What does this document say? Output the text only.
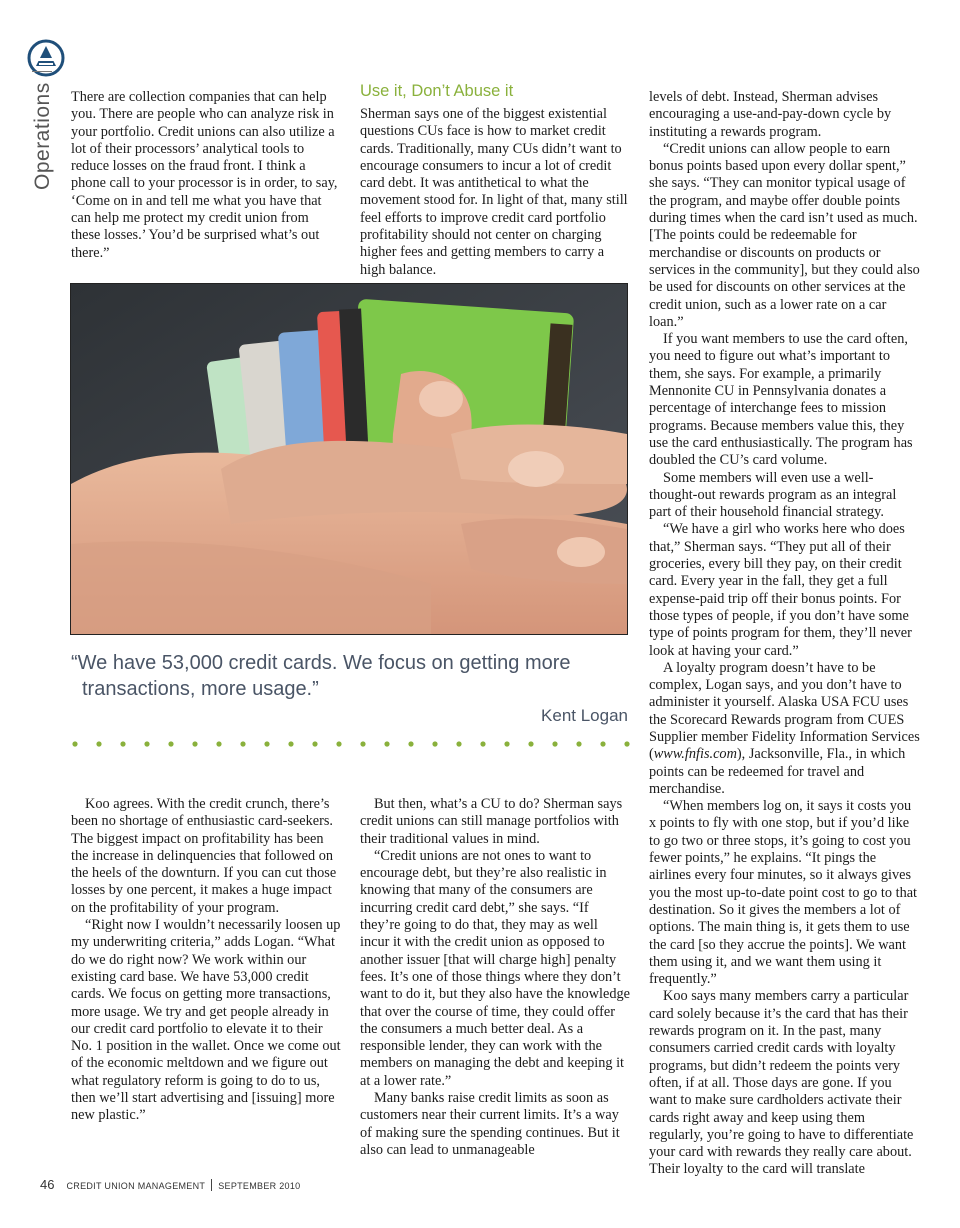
Operations There are collection companies that can help you. There are people who can analyze risk in your portfolio. Credit unions can also utilize a lot of their processors’ analytical tools to reduce losses on the fraud front. I think a phone call to your processor is in order, to say, ‘Come on in and tell me what you have that can help me protect my credit union from these losses.’ You’d be surprised what’s out there.”

Use it, Don’t Abuse it

Sherman says one of the biggest existential questions CUs face is how to market credit cards. Traditionally, many CUs didn’t want to encourage consumers to incur a lot of credit card debt. It was antithetical to what the movement stood for. In light of that, many still feel efforts to improve credit card portfolio profitability should not center on charging higher fees and getting members to carry a high balance.

levels of debt. Instead, Sherman advises encouraging a use-and-pay-down cycle by instituting a rewards program.

“Credit unions can allow people to earn bonus points based upon every dollar spent,” she says. “They can monitor typical usage of the program, and maybe offer double points during times when the card isn’t used as much. [The points could be redeemable for merchandise or discounts on products or services in the community], but they could also be used for discounts on other services at the credit union, such as a lower rate on a car loan.”

If you want members to use the card often, you need to figure out what’s important to them, she says. For example, a primarily Mennonite CU in Pennsylvania donates a percentage of interchange fees to mission programs. Because members value this, they use the card enthusiastically. The program has doubled the CU’s card volume.

Some members will even use a well-thought-out rewards program as an integral part of their household financial strategy.

“We have a girl who works here who does that,” Sherman says. “They put all of their groceries, every bill they pay, on their credit card. Every year in the fall, they get a full expense-paid trip off their bonus points. For those types of people, if you don’t have some type of points program for them, they’ll never look at having your card.”

A loyalty program doesn’t have to be complex, Logan says, and you don’t have to administer it yourself. Alaska USA FCU uses the Scorecard Rewards program from CUES Supplier member Fidelity Information Services (www.fnfis.com), Jacksonville, Fla., in which points can be redeemed for travel and merchandise.

“When members log on, it says it costs you x points to fly with one stop, but if you’d like to go two or three stops, it’s going to cost you fewer points,” he explains. “It pings the airlines every four minutes, so it always gives you the most up-to-date point cost to go to that destination. So it gives the members a lot of options. The main thing is, it gets them to use the card [so they accrue the points]. We want them using it, and we want them using it frequently.”

Koo says many members carry a particular card solely because it’s the card that has their rewards program on it. In the past, many consumers carried credit cards with loyalty programs, but didn’t redeem the points very often, if at all. Those days are gone. If you want to make sure cardholders activate their cards right away and keep using them regularly, you’re going to have to differentiate your card with rewards they really care about. Their loyalty to the card will translate

“We have 53,000 credit cards. We focus on getting more transactions, more usage.”

Kent Logan

Koo agrees. With the credit crunch, there’s been no shortage of enthusiastic card-seekers. The biggest impact on profitability has been the increase in delinquencies that followed on the heels of the downturn. If you can cut those losses by one percent, it makes a huge impact on the profitability of your program.

“Right now I wouldn’t necessarily loosen up my underwriting criteria,” adds Logan. “What do we do right now? We work within our existing card base. We have 53,000 credit cards. We focus on getting more transactions, more usage. We try and get people already in our credit card portfolio to elevate it to their No. 1 position in the wallet. Once we come out of the economic meltdown and we figure out what regulatory reform is going to do to us, then we’ll start advertising and [issuing] more new plastic.”

But then, what’s a CU to do? Sherman says credit unions can still manage portfolios with their traditional values in mind.

“Credit unions are not ones to want to encourage debt, but they’re also realistic in knowing that many of the consumers are incurring credit card debt,” she says. “If they’re going to do that, they may as well incur it with the credit union as opposed to another issuer [that will charge high] penalty fees. It’s one of those things where they don’t want to do it, but they also have the knowledge that over the course of time, they could offer the consumers a much better deal. As a responsible lender, they can work with the members on managing the debt and keeping it at a lower rate.”

Many banks raise credit limits as soon as customers near their current limits. It’s a way of making sure the spending continues. But it also can lead to unmanageable

46 CREDIT UNION MANAGEMENT SEPTEMBER 2010
